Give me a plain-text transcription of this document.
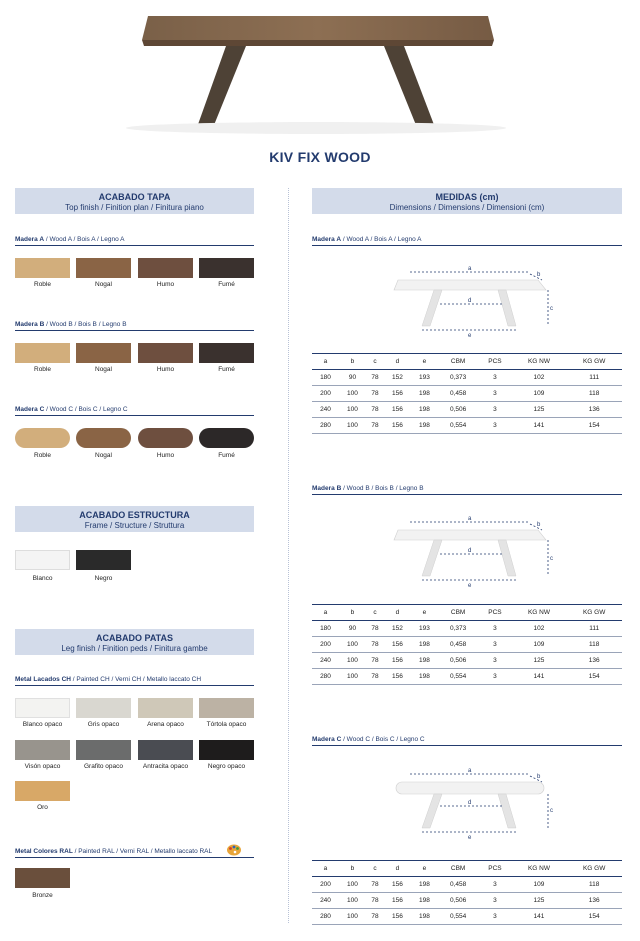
KIV FIX WOOD
ACABADO TAPA
Top finish / Finition plan / Finitura piano
Madera A / Wood A / Bois A / Legno A
Roble	Nogal	Humo	Fumé
Madera B / Wood B / Bois B / Legno B
Roble	Nogal	Humo	Fumé
Madera C / Wood C / Bois C / Legno C
Roble	Nogal	Humo	Fumé
ACABADO ESTRUCTURA
Frame / Structure / Struttura
Blanco	Negro
ACABADO PATAS
Leg finish / Finition peds / Finitura gambe
Metal Lacados CH / Painted CH / Verni CH / Metallo laccato CH
Blanco opaco	Gris opaco	Arena opaco	Tórtola opaco
Visón opaco	Grafito opaco	Antracita opaco	Negro opaco
Oro
Metal Colores RAL / Painted RAL / Verni RAL / Metallo laccato RAL
Bronze
MEDIDAS (cm)
Dimensions / Dimensions / Dimensioni (cm)
Madera A / Wood A / Bois A / Legno A
a
b
c
d
e
a	b	c	d	e	CBM	PCS	KG NW	KG GW
180	90	78	152	193	0,373	3	102	111
200	100	78	156	198	0,458	3	109	118
240	100	78	156	198	0,506	3	125	136
280	100	78	156	198	0,554	3	141	154
Madera B / Wood B / Bois B / Legno B
a
b
c
d
e
a	b	c	d	e	CBM	PCS	KG NW	KG GW
180	90	78	152	193	0,373	3	102	111
200	100	78	156	198	0,458	3	109	118
240	100	78	156	198	0,506	3	125	136
280	100	78	156	198	0,554	3	141	154
Madera C / Wood C / Bois C / Legno C
a
b
c
d
e
a	b	c	d	e	CBM	PCS	KG NW	KG GW
200	100	78	156	198	0,458	3	109	118
240	100	78	156	198	0,506	3	125	136
280	100	78	156	198	0,554	3	141	154
